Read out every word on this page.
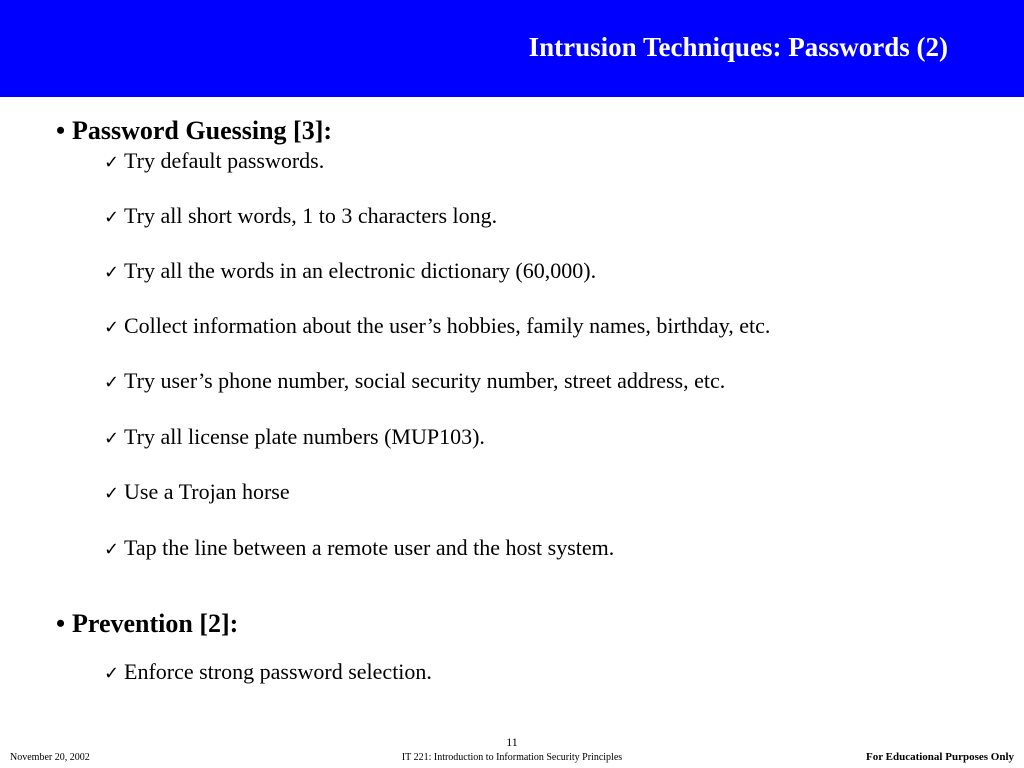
Intrusion Techniques: Passwords (2)
• Password Guessing [3]:
✓ Try default passwords.
✓ Try all short words, 1 to 3 characters long.
✓ Try all the words in an electronic dictionary (60,000).
✓ Collect information about the user’s hobbies, family names, birthday, etc.
✓ Try user’s phone number, social security number, street address, etc.
✓ Try all license plate numbers (MUP103).
✓ Use a Trojan horse
✓ Tap the line between a remote user and the host system.
• Prevention [2]:
✓ Enforce strong password selection.
11
November 20, 2002	IT 221: Introduction to Information Security Principles	For Educational Purposes Only
